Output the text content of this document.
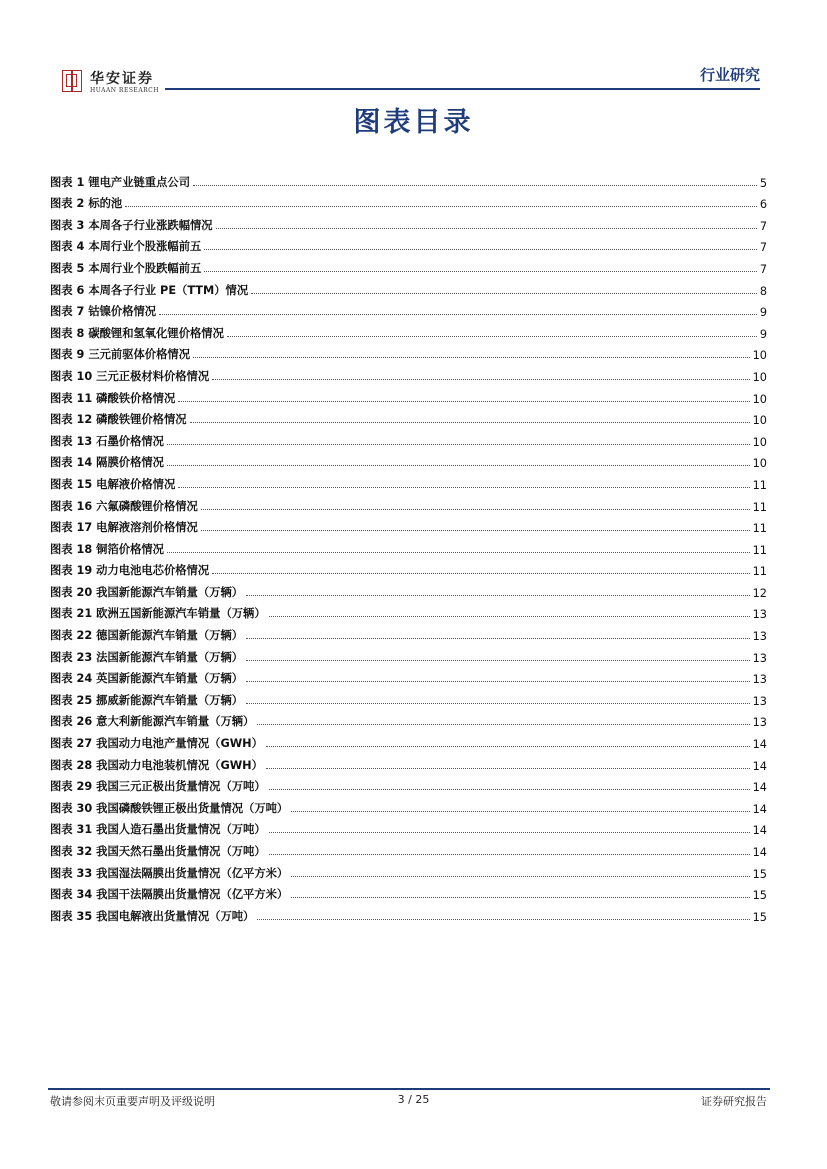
华安证券
HUAAN RESEARCH
行业研究
图表目录
图表 1 锂电产业链重点公司	5
图表 2 标的池	6
图表 3 本周各子行业涨跌幅情况	7
图表 4 本周行业个股涨幅前五	7
图表 5 本周行业个股跌幅前五	7
图表 6 本周各子行业 PE（TTM）情况	8
图表 7 钴镍价格情况	9
图表 8 碳酸锂和氢氧化锂价格情况	9
图表 9 三元前驱体价格情况	10
图表 10 三元正极材料价格情况	10
图表 11 磷酸铁价格情况	10
图表 12 磷酸铁锂价格情况	10
图表 13 石墨价格情况	10
图表 14 隔膜价格情况	10
图表 15 电解液价格情况	11
图表 16 六氟磷酸锂价格情况	11
图表 17 电解液溶剂价格情况	11
图表 18 铜箔价格情况	11
图表 19 动力电池电芯价格情况	11
图表 20 我国新能源汽车销量（万辆）	12
图表 21 欧洲五国新能源汽车销量（万辆）	13
图表 22 德国新能源汽车销量（万辆）	13
图表 23 法国新能源汽车销量（万辆）	13
图表 24 英国新能源汽车销量（万辆）	13
图表 25 挪威新能源汽车销量（万辆）	13
图表 26 意大利新能源汽车销量（万辆）	13
图表 27 我国动力电池产量情况（GWH）	14
图表 28 我国动力电池装机情况（GWH）	14
图表 29 我国三元正极出货量情况（万吨）	14
图表 30 我国磷酸铁锂正极出货量情况（万吨）	14
图表 31 我国人造石墨出货量情况（万吨）	14
图表 32 我国天然石墨出货量情况（万吨）	14
图表 33 我国湿法隔膜出货量情况（亿平方米）	15
图表 34 我国干法隔膜出货量情况（亿平方米）	15
图表 35 我国电解液出货量情况（万吨）	15
敬请参阅末页重要声明及评级说明	3 / 25	证券研究报告
